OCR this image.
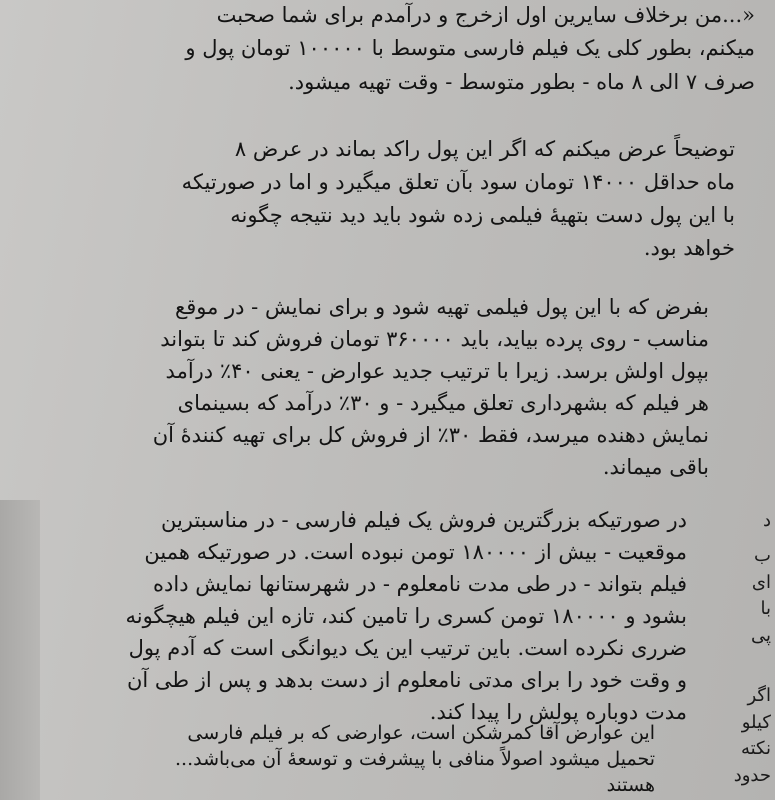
«...من برخلاف سایرین اول ازخرج و درآمدم برای شما صحبت
میکنم، بطور کلی یک فیلم فارسی متوسط با ۱۰۰۰۰۰ تومان پول و
صرف ۷ الی ۸ ماه - بطور متوسط - وقت تهیه میشود.
توضیحاً عرض میکنم که اگر این پول راکد بماند در عرض ۸
ماه حداقل ۱۴۰۰۰ تومان سود بآن تعلق میگیرد و اما در صورتیکه
با این پول دست بتهیهٔ فیلمی زده شود باید دید نتیجه چگونه
خواهد بود.
بفرض که با این پول فیلمی تهیه شود و برای نمایش - در موقع
مناسب - روی پرده بیاید، باید ۳۶۰۰۰۰ تومان فروش کند تا بتواند
بپول اولش برسد. زیرا با ترتیب جدید عوارض - یعنی ۴۰٪ درآمد
هر فیلم که بشهرداری تعلق میگیرد - و ۳۰٪ درآمد که بسینمای
نمایش دهنده میرسد، فقط ۳۰٪ از فروش کل برای تهیه کنندهٔ آن
باقی میماند.
در صورتیکه بزرگترین فروش یک فیلم فارسی - در مناسبترین
موقعیت - بیش از ۱۸۰۰۰۰ تومن نبوده است. در صورتیکه همین
فیلم بتواند - در طی مدت نامعلوم - در شهرستانها نمایش داده
بشود و ۱۸۰۰۰۰ تومن کسری را تامین کند، تازه این فیلم هیچگونه
ضرری نکرده است. باین ترتیب این یک دیوانگی است که آدم پول
و وقت خود را برای مدتی نامعلوم از دست بدهد و پس از طی آن
مدت دوباره پولش را پیدا کند.
این عوارض آقا کمرشکن است، عوارضی که بر فیلم فارسی
تحمیل میشود اصولاً منافی با پیشرفت و توسعهٔ آن می‌باشد...
هستند
د
ب
ای
با
پی
اگر
کیلو
نکته
حدود
